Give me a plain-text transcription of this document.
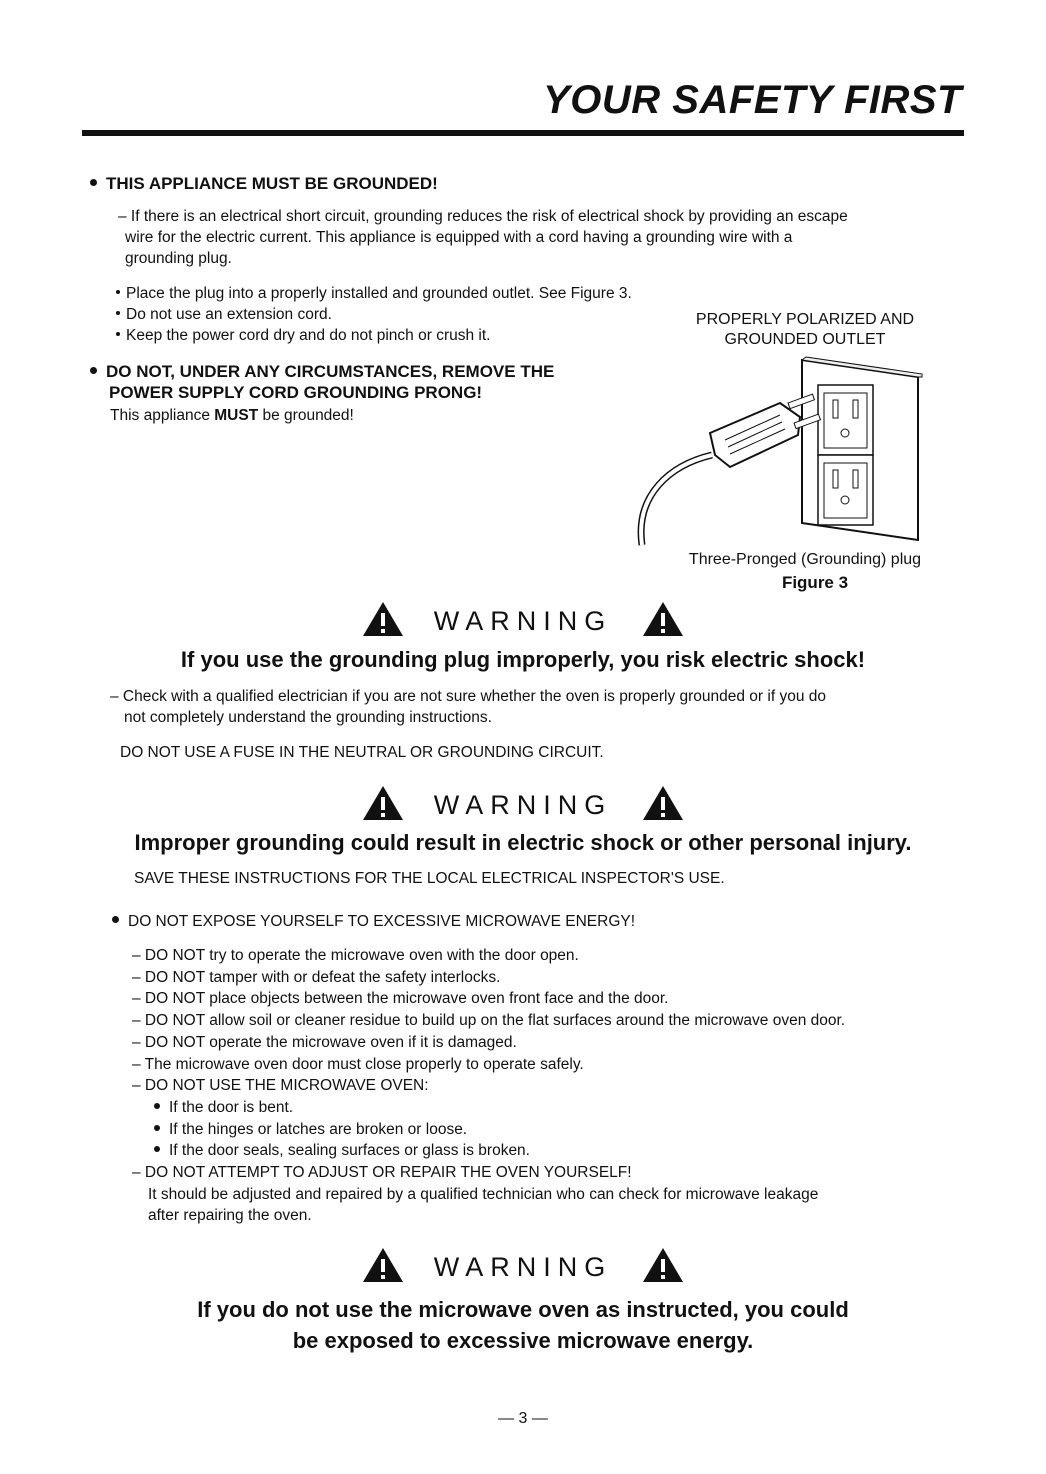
YOUR SAFETY FIRST
THIS APPLIANCE MUST BE GROUNDED!
– If there is an electrical short circuit, grounding reduces the risk of electrical shock by providing an escape
wire for the electric current. This appliance is equipped with a cord having a grounding wire with a
grounding plug.
Place the plug into a properly installed and grounded outlet. See Figure 3.
Do not use an extension cord.
Keep the power cord dry and do not pinch or crush it.
DO NOT, UNDER ANY CIRCUMSTANCES, REMOVE THE
POWER SUPPLY CORD GROUNDING PRONG!
This appliance MUST be grounded!
PROPERLY POLARIZED AND
GROUNDED OUTLET
Three-Pronged (Grounding) plug
Figure 3
WARNING
If you use the grounding plug improperly, you risk electric shock!
– Check with a qualified electrician if you are not sure whether the oven is properly grounded or if you do
not completely understand the grounding instructions.
DO NOT USE A FUSE IN THE NEUTRAL OR GROUNDING CIRCUIT.
WARNING
Improper grounding could result in electric shock or other personal injury.
SAVE THESE INSTRUCTIONS FOR THE LOCAL ELECTRICAL INSPECTOR'S USE.
DO NOT EXPOSE YOURSELF TO EXCESSIVE MICROWAVE ENERGY!
– DO NOT try to operate the microwave oven with the door open.
– DO NOT tamper with or defeat the safety interlocks.
– DO NOT place objects between the microwave oven front face and the door.
– DO NOT allow soil or cleaner residue to build up on the flat surfaces around the microwave oven door.
– DO NOT operate the microwave oven if it is damaged.
– The microwave oven door must close properly to operate safely.
– DO NOT USE THE MICROWAVE OVEN:
If the door is bent.
If the hinges or latches are broken or loose.
If the door seals, sealing surfaces or glass is broken.
– DO NOT ATTEMPT TO ADJUST OR REPAIR THE OVEN YOURSELF!
It should be adjusted and repaired by a qualified technician who can check for microwave leakage
after repairing the oven.
WARNING
If you do not use the microwave oven as instructed, you could
be exposed to excessive microwave energy.
— 3 —
